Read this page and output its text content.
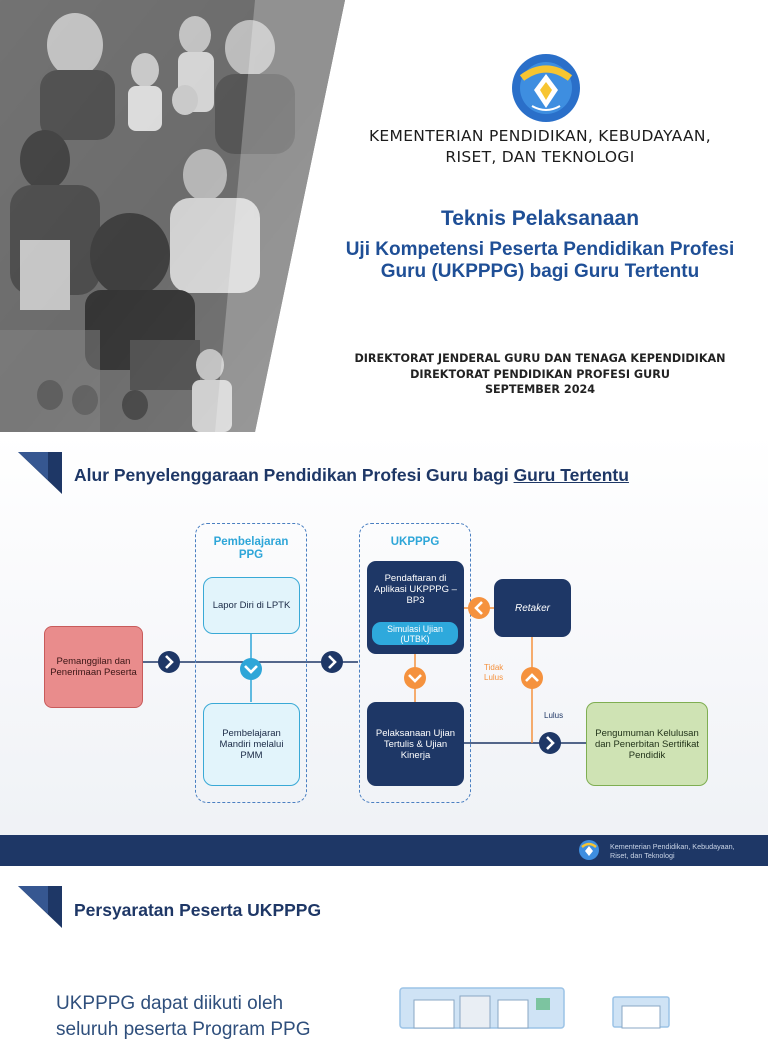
KEMENTERIAN PENDIDIKAN, KEBUDAYAAN,
RISET, DAN TEKNOLOGI
Teknis Pelaksanaan
Uji Kompetensi Peserta Pendidikan Profesi
Guru (UKPPPG) bagi Guru Tertentu
DIREKTORAT JENDERAL GURU DAN TENAGA KEPENDIDIKAN
DIREKTORAT PENDIDIKAN PROFESI GURU
SEPTEMBER 2024
Alur Penyelenggaraan Pendidikan Profesi Guru bagi Guru Tertentu
Pembelajaran PPG
UKPPPG
Pemanggilan dan Penerimaan Peserta
Lapor Diri di LPTK
Pembelajaran Mandiri melalui PMM
Pendaftaran di Aplikasi UKPPPG – BP3
Simulasi Ujian (UTBK)
Pelaksanaan Ujian Tertulis & Ujian Kinerja
Retaker
Pengumuman Kelulusan dan Penerbitan Sertifikat Pendidik
Tidak Lulus
Lulus
Kementerian Pendidikan, Kebudayaan,
Riset, dan Teknologi
Persyaratan Peserta UKPPPG
UKPPPG dapat diikuti oleh
seluruh peserta Program PPG
